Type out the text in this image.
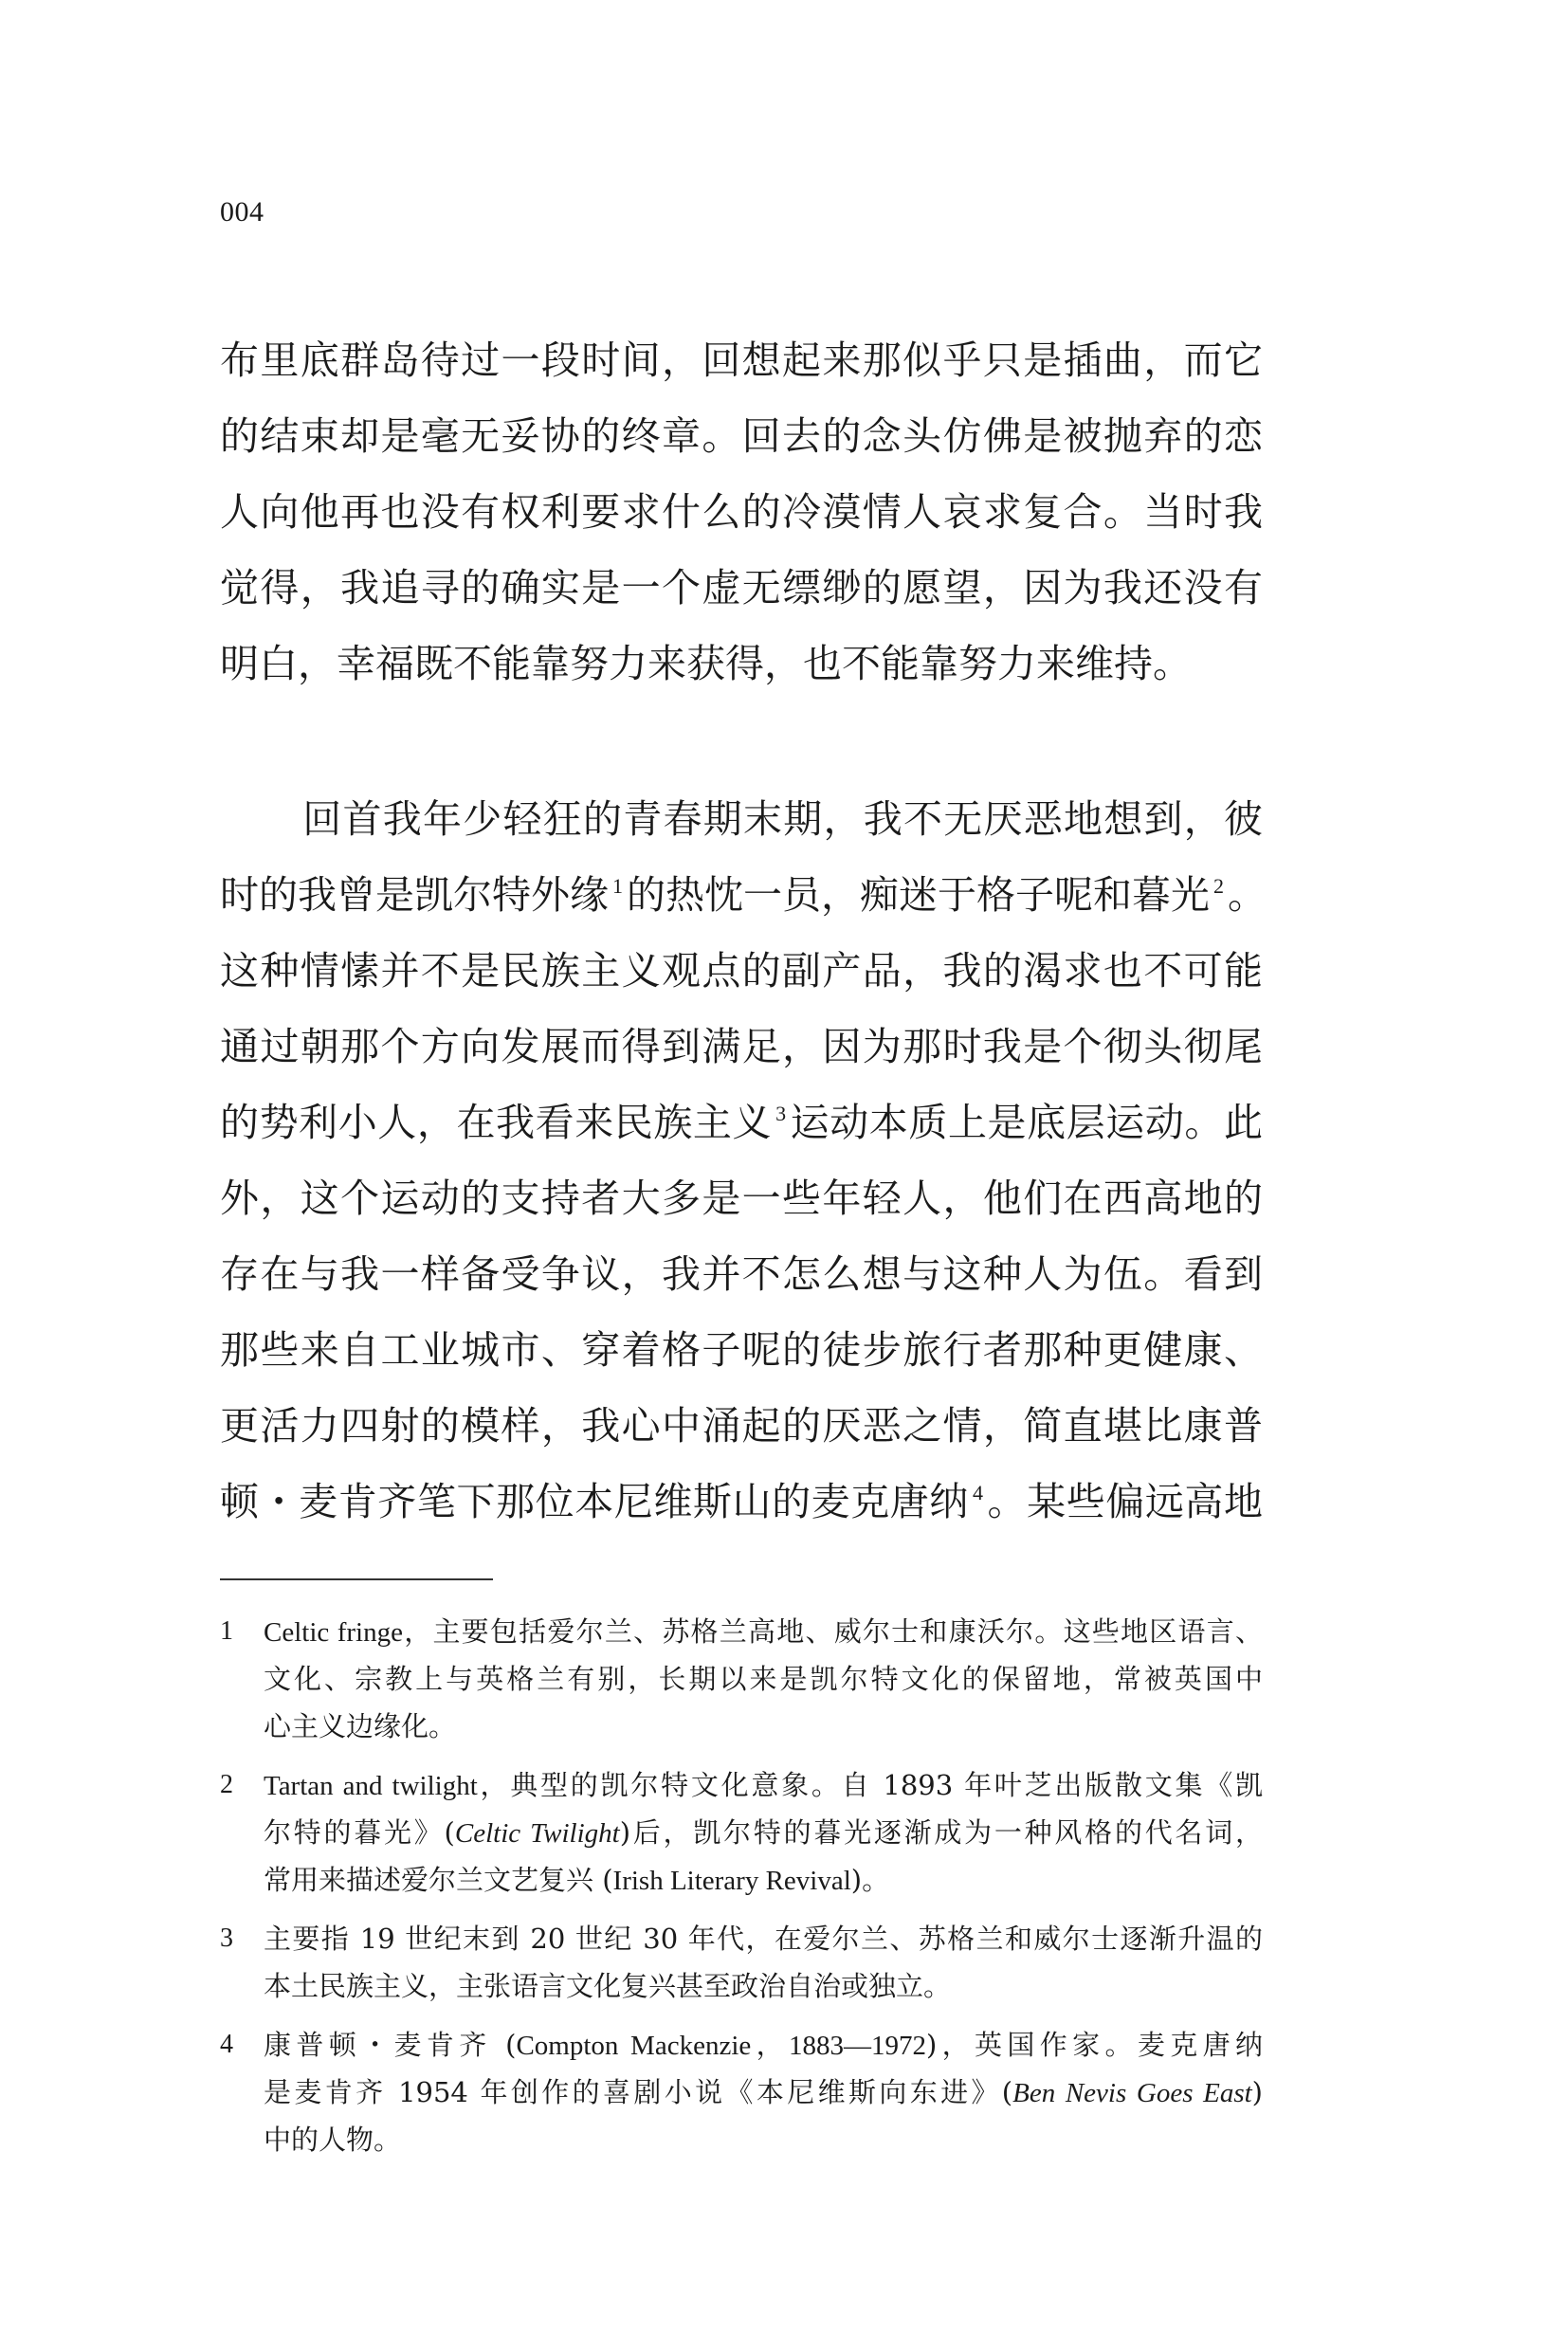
004
布里底群岛待过一段时间，回想起来那似乎只是插曲，而它
的结束却是毫无妥协的终章。回去的念头仿佛是被抛弃的恋
人向他再也没有权利要求什么的冷漠情人哀求复合。当时我
觉得，我追寻的确实是一个虚无缥缈的愿望，因为我还没有
明白，幸福既不能靠努力来获得，也不能靠努力来维持。
回首我年少轻狂的青春期末期，我不无厌恶地想到，彼
时的我曾是凯尔特外缘 $^1$的热忱一员，痴迷于格子呢和暮光 $^2$。
这种情愫并不是民族主义观点的副产品，我的渴求也不可能
通过朝那个方向发展而得到满足，因为那时我是个彻头彻尾
的势利小人，在我看来民族主义 $^3$运动本质上是底层运动。此
外，这个运动的支持者大多是一些年轻人，他们在西高地的
存在与我一样备受争议，我并不怎么想与这种人为伍。看到
那些来自工业城市、穿着格子呢的徒步旅行者那种更健康、
更活力四射的模样，我心中涌起的厌恶之情，简直堪比康普
顿・麦肯齐笔下那位本尼维斯山的麦克唐纳 $^4$。某些偏远高地
1 Celtic fringe，主要包括爱尔兰、苏格兰高地、威尔士和康沃尔。这些地区语言、
文化、宗教上与英格兰有别，长期以来是凯尔特文化的保留地，常被英国中
心主义边缘化。
2 Tartan and twilight，典型的凯尔特文化意象。自 1893 年叶芝出版散文集《凯
尔特的暮光》(Celtic Twilight)后，凯尔特的暮光逐渐成为一种风格的代名词，
常用来描述爱尔兰文艺复兴 (Irish Literary Revival)。
3 主要指 19 世纪末到 20 世纪 30 年代，在爱尔兰、苏格兰和威尔士逐渐升温的
本土民族主义，主张语言文化复兴甚至政治自治或独立。
4 康普顿・麦肯齐 (Compton Mackenzie，1883—1972)，英国作家。麦克唐纳
是麦肯齐 1954 年创作的喜剧小说《本尼维斯向东进》(Ben Nevis Goes East)
中的人物。
